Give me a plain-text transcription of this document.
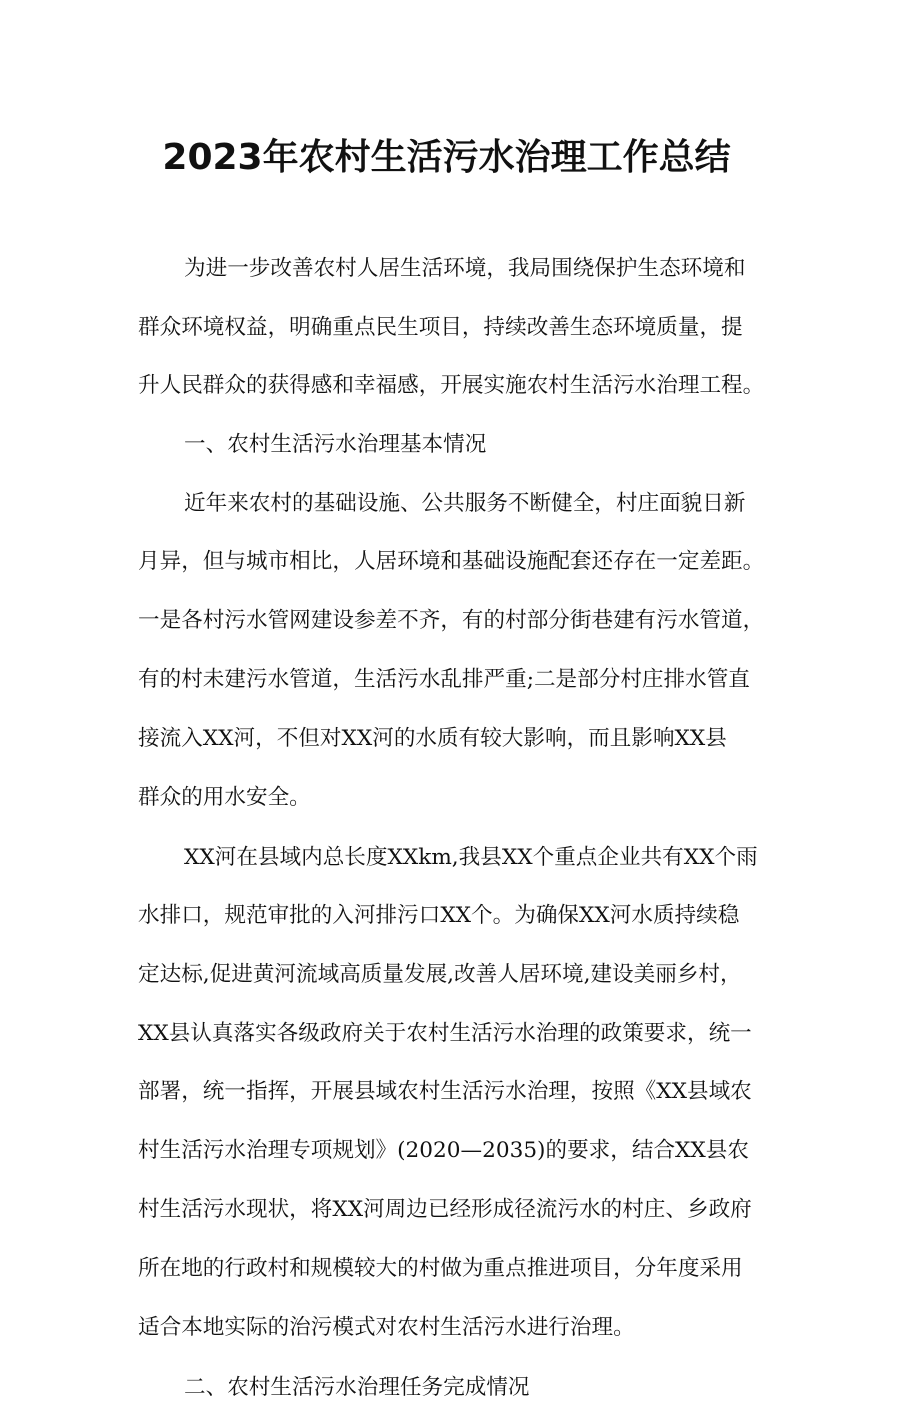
2023年农村生活污水治理工作总结
为进一步改善农村人居生活环境，我局围绕保护生态环境和
群众环境权益，明确重点民生项目，持续改善生态环境质量，提
升人民群众的获得感和幸福感，开展实施农村生活污水治理工程。
一、农村生活污水治理基本情况
近年来农村的基础设施、公共服务不断健全，村庄面貌日新
月异，但与城市相比，人居环境和基础设施配套还存在一定差距。
一是各村污水管网建设参差不齐，有的村部分街巷建有污水管道，
有的村未建污水管道，生活污水乱排严重;二是部分村庄排水管直
接流入XX河，不但对XX河的水质有较大影响，而且影响XX县
群众的用水安全。
XX河在县域内总长度XXkm,我县XX个重点企业共有XX个雨
水排口，规范审批的入河排污口XX个。为确保XX河水质持续稳
定达标,促进黄河流域高质量发展,改善人居环境,建设美丽乡村，
XX县认真落实各级政府关于农村生活污水治理的政策要求，统一
部署，统一指挥，开展县域农村生活污水治理，按照《XX县域农
村生活污水治理专项规划》(2020—2035)的要求，结合XX县农
村生活污水现状，将XX河周边已经形成径流污水的村庄、乡政府
所在地的行政村和规模较大的村做为重点推进项目，分年度采用
适合本地实际的治污模式对农村生活污水进行治理。
二、农村生活污水治理任务完成情况
